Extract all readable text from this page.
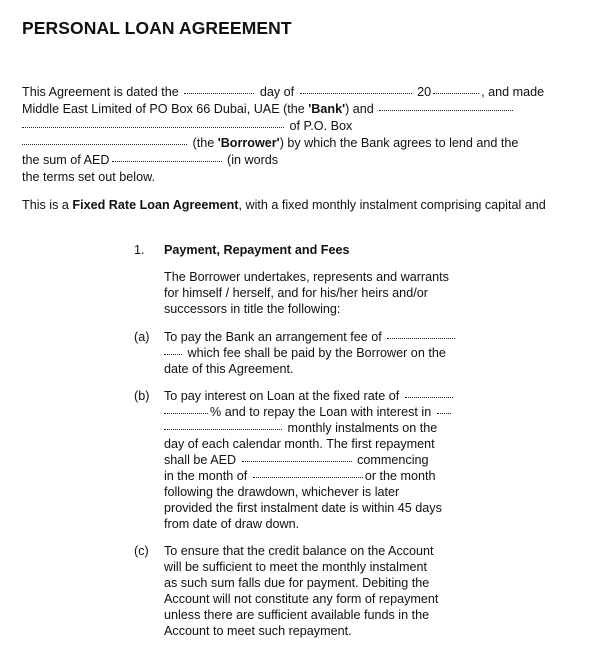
PERSONAL LOAN AGREEMENT
This Agreement is dated the	day of	20	, and made
Middle East Limited of PO Box 66 Dubai, UAE (the 'Bank') and
of P.O. Box
(the 'Borrower') by which the Bank agrees to lend and the
the sum of AED	(in words
the terms set out below.
This is a Fixed Rate Loan Agreement, with a fixed monthly instalment comprising capital and
1. Payment, Repayment and Fees
The Borrower undertakes, represents and warrants
for himself / herself, and for his/her heirs and/or
successors in title the following:
(a) To pay the Bank an arrangement fee of
which fee shall be paid by the Borrower on the
date of this Agreement.
(b) To pay interest on Loan at the fixed rate of
% and to repay the Loan with interest in
monthly instalments on the
day of each calendar month. The first repayment
shall be AED	commencing
in the month of	or the month
following the drawdown, whichever is later
provided the first instalment date is within 45 days
from date of draw down.
(c) To ensure that the credit balance on the Account
will be sufficient to meet the monthly instalment
as such sum falls due for payment. Debiting the
Account will not constitute any form of repayment
unless there are sufficient available funds in the
Account to meet such repayment.
